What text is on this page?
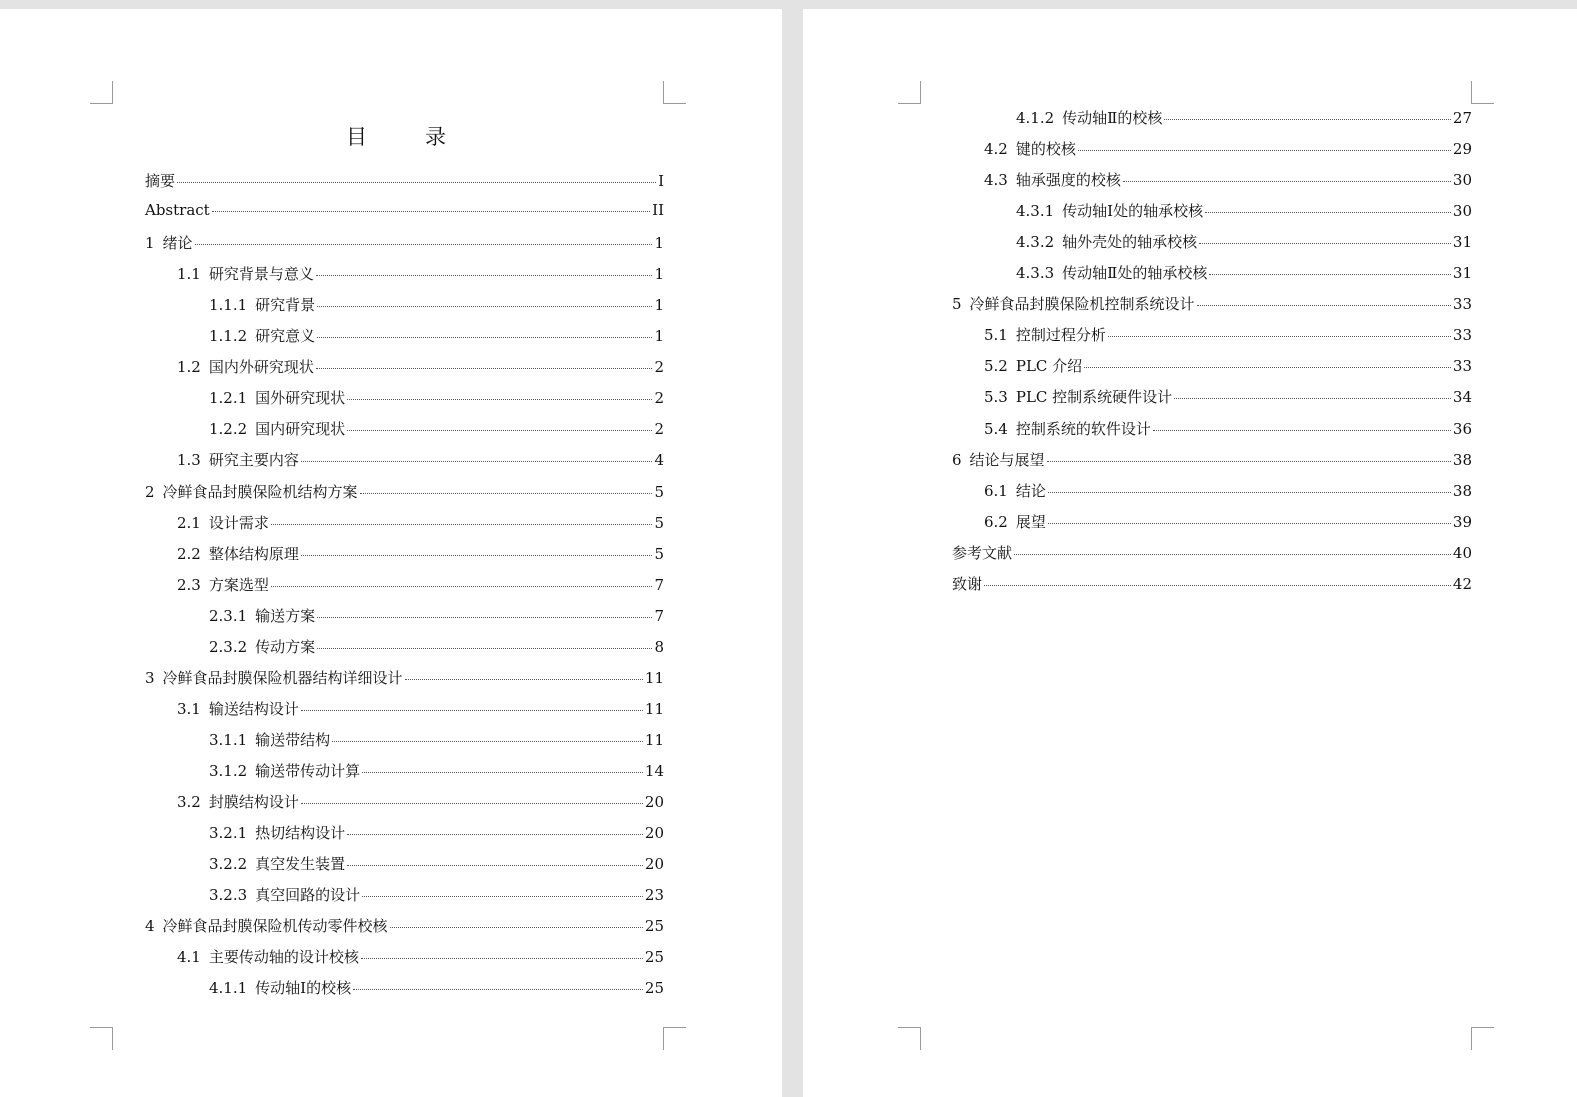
目	录
摘要	I
Abstract	II
1 绪论	1
1.1 研究背景与意义	1
1.1.1 研究背景	1
1.1.2 研究意义	1
1.2 国内外研究现状	2
1.2.1 国外研究现状	2
1.2.2 国内研究现状	2
1.3 研究主要内容	4
2 冷鲜食品封膜保险机结构方案	5
2.1 设计需求	5
2.2 整体结构原理	5
2.3 方案选型	7
2.3.1 输送方案	7
2.3.2 传动方案	8
3 冷鲜食品封膜保险机器结构详细设计	11
3.1 输送结构设计	11
3.1.1 输送带结构	11
3.1.2 输送带传动计算	14
3.2 封膜结构设计	20
3.2.1 热切结构设计	20
3.2.2 真空发生装置	20
3.2.3 真空回路的设计	23
4 冷鲜食品封膜保险机传动零件校核	25
4.1 主要传动轴的设计校核	25
4.1.1 传动轴Ⅰ的校核	25
4.1.2 传动轴Ⅱ的校核	27
4.2 键的校核	29
4.3 轴承强度的校核	30
4.3.1 传动轴Ⅰ处的轴承校核	30
4.3.2 轴外壳处的轴承校核	31
4.3.3 传动轴Ⅱ处的轴承校核	31
5 冷鲜食品封膜保险机控制系统设计	33
5.1 控制过程分析	33
5.2 PLC 介绍	33
5.3 PLC 控制系统硬件设计	34
5.4 控制系统的软件设计	36
6 结论与展望	38
6.1 结论	38
6.2 展望	39
参考文献	40
致谢	42
